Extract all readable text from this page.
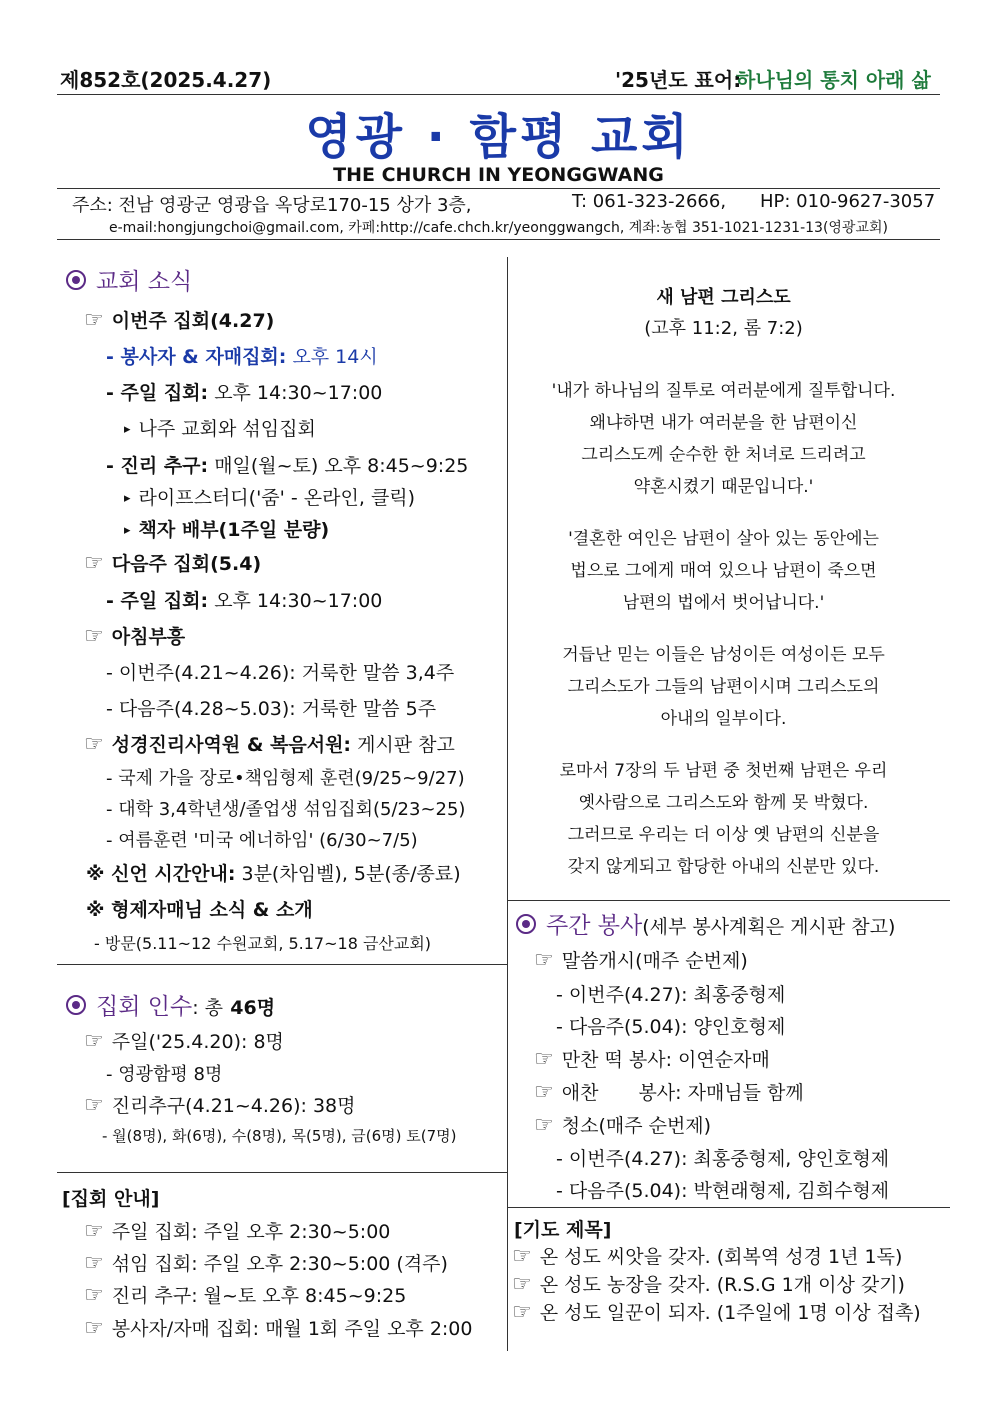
제852호(2025.4.27)	'25년도 표어:
하나님의 통치 아래 삶
영광 · 함평 교회
THE CHURCH IN YEONGGWANG
주소: 전남 영광군 영광읍 옥당로170-15 상가 3층,	T: 061-323-2666, HP: 010-9627-3057
e-mail:hongjungchoi@gmail.com, 카페:http://cafe.chch.kr/yeonggwangch, 계좌:농협 351-1021-1231-13(영광교회)
교회 소식
☞ 이번주 집회(4.27)
- 봉사자 & 자매집회: 오후 14시
- 주일 집회: 오후 14:30~17:00
▸ 나주 교회와 섞임집회
- 진리 추구: 매일(월~토) 오후 8:45~9:25
▸ 라이프스터디('줌' - 온라인, 클릭)
▸ 책자 배부(1주일 분량)
☞ 다음주 집회(5.4)
- 주일 집회: 오후 14:30~17:00
☞ 아침부흥
- 이번주(4.21~4.26): 거룩한 말씀 3,4주
- 다음주(4.28~5.03): 거룩한 말씀 5주
☞ 성경진리사역원 & 복음서원: 게시판 참고
- 국제 가을 장로•책임형제 훈련(9/25~9/27)
- 대학 3,4학년생/졸업생 섞임집회(5/23~25)
- 여름훈련 '미국 에너하임' (6/30~7/5)
※ 신언 시간안내: 3분(차임벨), 5분(종/종료)
※ 형제자매님 소식 & 소개
- 방문(5.11~12 수원교회, 5.17~18 금산교회)
집회 인수: 총 46명
☞ 주일('25.4.20): 8명
- 영광함평 8명
☞ 진리추구(4.21~4.26): 38명
- 월(8명), 화(6명), 수(8명), 목(5명), 금(6명) 토(7명)
[집회 안내]
☞ 주일 집회: 주일 오후 2:30~5:00
☞ 섞임 집회: 주일 오후 2:30~5:00 (격주)
☞ 진리 추구: 월~토 오후 8:45~9:25
☞ 봉사자/자매 집회: 매월 1회 주일 오후 2:00
새 남편 그리스도
(고후 11:2, 롬 7:2)
'내가 하나님의 질투로 여러분에게 질투합니다.
왜냐하면 내가 여러분을 한 남편이신
그리스도께 순수한 한 처녀로 드리려고
약혼시켰기 때문입니다.'
'결혼한 여인은 남편이 살아 있는 동안에는
법으로 그에게 매여 있으나 남편이 죽으면
남편의 법에서 벗어납니다.'
거듭난 믿는 이들은 남성이든 여성이든 모두
그리스도가 그들의 남편이시며 그리스도의
아내의 일부이다.
로마서 7장의 두 남편 중 첫번째 남편은 우리
옛사람으로 그리스도와 함께 못 박혔다.
그러므로 우리는 더 이상 옛 남편의 신분을
갖지 않게되고 합당한 아내의 신분만 있다.
주간 봉사(세부 봉사계획은 게시판 참고)
☞ 말씀개시(매주 순번제)
- 이번주(4.27): 최홍중형제
- 다음주(5.04): 양인호형제
☞ 만찬 떡 봉사: 이연순자매
☞ 애찬 봉사: 자매님들 함께
☞ 청소(매주 순번제)
- 이번주(4.27): 최홍중형제, 양인호형제
- 다음주(5.04): 박현래형제, 김희수형제
[기도 제목]
☞ 온 성도 씨앗을 갖자. (회복역 성경 1년 1독)
☞ 온 성도 농장을 갖자. (R.S.G 1개 이상 갖기)
☞ 온 성도 일꾼이 되자. (1주일에 1명 이상 접촉)
